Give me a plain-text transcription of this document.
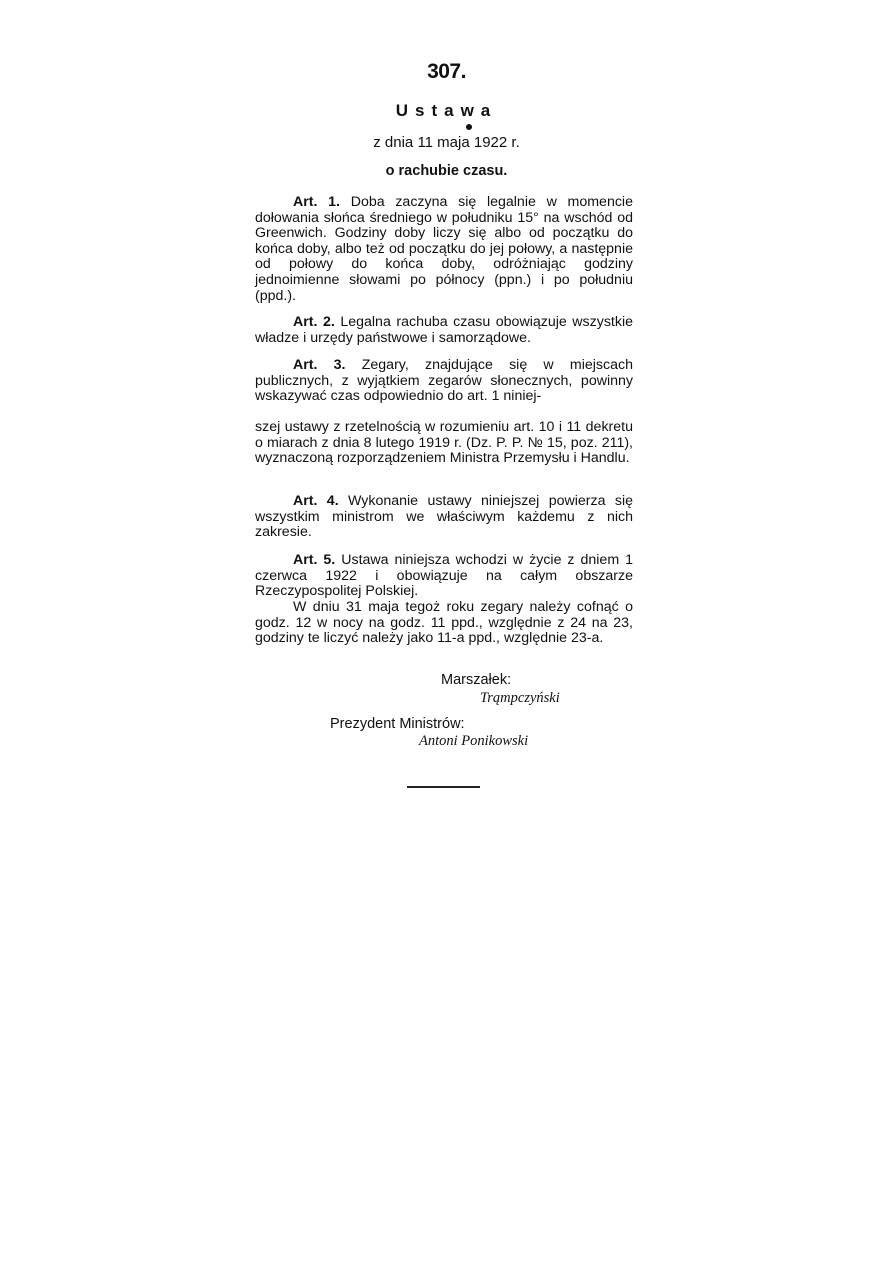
307.
Ustawa
z dnia 11 maja 1922 r.
o rachubie czasu.
Art. 1. Doba zaczyna się legalnie w momencie dołowania słońca średniego w południku 15° na wschód od Greenwich. Godziny doby liczy się albo od początku do końca doby, albo też od początku do jej połowy, a następnie od połowy do końca doby, odróżniając godziny jednoimienne słowami po północy (ppn.) i po południu (ppd.).
Art. 2. Legalna rachuba czasu obowiązuje wszystkie władze i urzędy państwowe i samorządowe.
Art. 3. Zegary, znajdujące się w miejscach publicznych, z wyjątkiem zegarów słonecznych, powinny wskazywać czas odpowiednio do art. 1 niniej-
szej ustawy z rzetelnością w rozumieniu art. 10 i 11 dekretu o miarach z dnia 8 lutego 1919 r. (Dz. P. P. № 15, poz. 211), wyznaczoną rozporządzeniem Ministra Przemysłu i Handlu.
Art. 4. Wykonanie ustawy niniejszej powierza się wszystkim ministrom we właściwym każdemu z nich zakresie.
Art. 5. Ustawa niniejsza wchodzi w życie z dniem 1 czerwca 1922 i obowiązuje na całym obszarze Rzeczypospolitej Polskiej.
W dniu 31 maja tegoż roku zegary należy cofnąć o godz. 12 w nocy na godz. 11 ppd., względnie z 24 na 23, godziny te liczyć należy jako 11-a ppd., względnie 23-a.
Marszałek:
Trąmpczyński
Prezydent Ministrów:
Antoni Ponikowski
